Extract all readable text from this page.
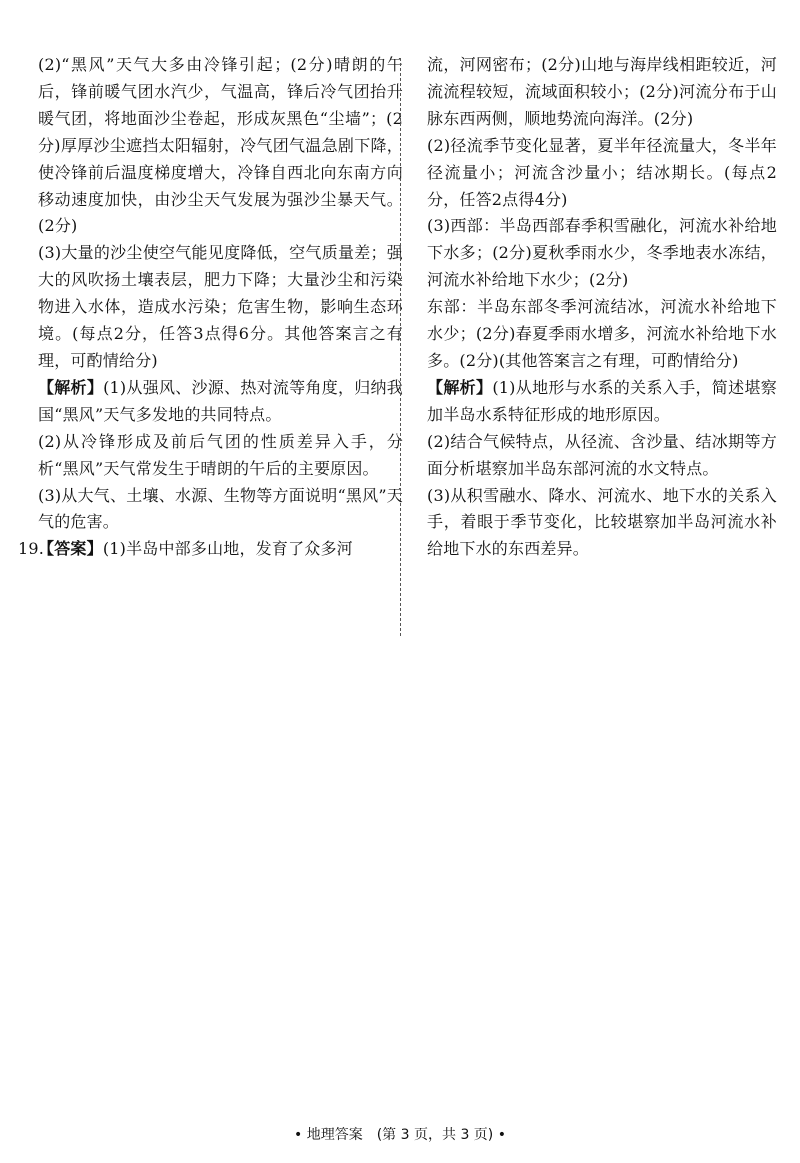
(2)“黑风”天气大多由冷锋引起；(2分)晴朗的午后，锋前暖气团水汽少，气温高，锋后冷气团抬升暖气团，将地面沙尘卷起，形成灰黑色“尘墙”；(2分)厚厚沙尘遮挡太阳辐射，冷气团气温急剧下降，使冷锋前后温度梯度增大，冷锋自西北向东南方向移动速度加快，由沙尘天气发展为强沙尘暴天气。(2分)

(3)大量的沙尘使空气能见度降低，空气质量差；强大的风吹扬土壤表层，肥力下降；大量沙尘和污染物进入水体，造成水污染；危害生物，影响生态环境。(每点2分，任答3点得6分。其他答案言之有理，可酌情给分)

【解析】(1)从强风、沙源、热对流等角度，归纳我国“黑风”天气多发地的共同特点。

(2)从冷锋形成及前后气团的性质差异入手，分析“黑风”天气常发生于晴朗的午后的主要原因。

(3)从大气、土壤、水源、生物等方面说明“黑风”天气的危害。

19.
【答案】(1)半岛中部多山地，发育了众多河

流，河网密布；(2分)山地与海岸线相距较近，河流流程较短，流域面积较小；(2分)河流分布于山脉东西两侧，顺地势流向海洋。(2分)

(2)径流季节变化显著，夏半年径流量大，冬半年径流量小；河流含沙量小；结冰期长。(每点2分，任答2点得4分)

(3)西部：半岛西部春季积雪融化，河流水补给地下水多；(2分)夏秋季雨水少，冬季地表水冻结，河流水补给地下水少；(2分)

东部：半岛东部冬季河流结冰，河流水补给地下水少；(2分)春夏季雨水增多，河流水补给地下水多。(2分)(其他答案言之有理，可酌情给分)

【解析】(1)从地形与水系的关系入手，简述堪察加半岛水系特征形成的地形原因。

(2)结合气候特点，从径流、含沙量、结冰期等方面分析堪察加半岛东部河流的水文特点。

(3)从积雪融水、降水、河流水、地下水的关系入手，着眼于季节变化，比较堪察加半岛河流水补给地下水的东西差异。

• 地理答案　(第 3 页，共 3 页) •
